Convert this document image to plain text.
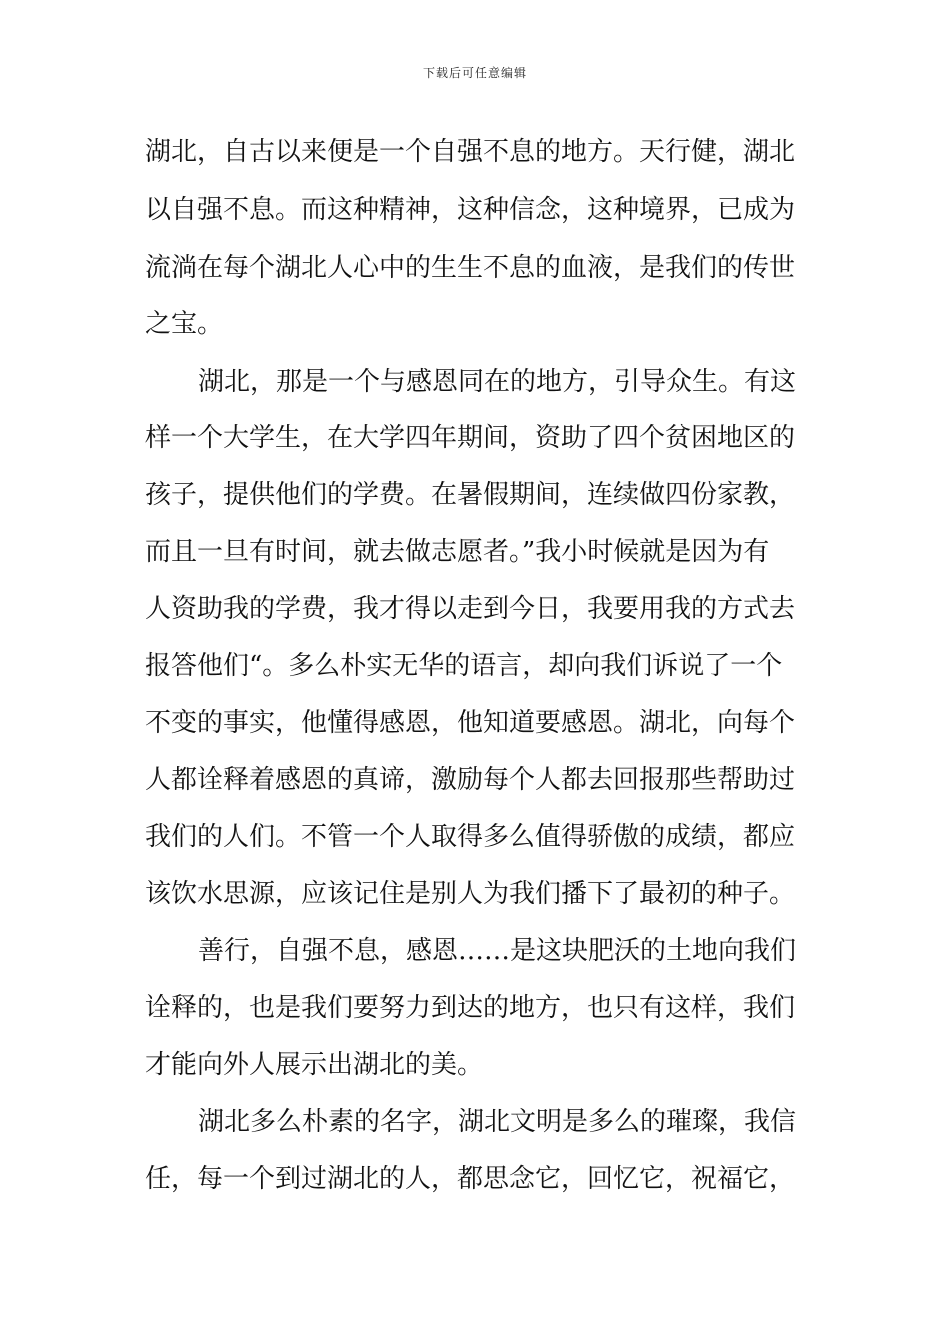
下载后可任意编辑
湖北，自古以来便是一个自强不息的地方。天行健，湖北
以自强不息。而这种精神，这种信念，这种境界，已成为
流淌在每个湖北人心中的生生不息的血液，是我们的传世
之宝。
湖北，那是一个与感恩同在的地方，引导众生。有这
样一个大学生，在大学四年期间，资助了四个贫困地区的
孩子，提供他们的学费。在暑假期间，连续做四份家教，
而且一旦有时间，就去做志愿者。”我小时候就是因为有
人资助我的学费，我才得以走到今日，我要用我的方式去
报答他们“。多么朴实无华的语言，却向我们诉说了一个
不变的事实，他懂得感恩，他知道要感恩。湖北，向每个
人都诠释着感恩的真谛，激励每个人都去回报那些帮助过
我们的人们。不管一个人取得多么值得骄傲的成绩，都应
该饮水思源，应该记住是别人为我们播下了最初的种子。
善行，自强不息，感恩……是这块肥沃的土地向我们
诠释的，也是我们要努力到达的地方，也只有这样，我们
才能向外人展示出湖北的美。
湖北多么朴素的名字，湖北文明是多么的璀璨，我信
任，每一个到过湖北的人，都思念它，回忆它，祝福它，
